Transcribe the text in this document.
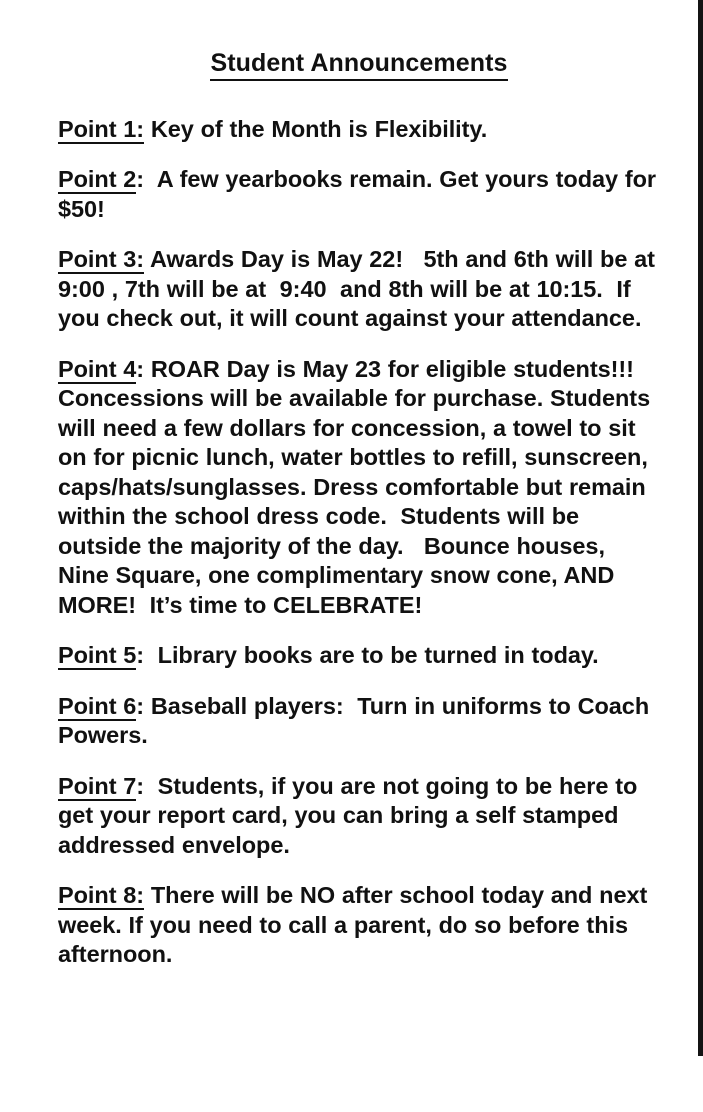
Student Announcements
Point 1: Key of the Month is Flexibility.
Point 2:  A few yearbooks remain. Get yours today for $50!
Point 3: Awards Day is May 22!   5th and 6th will be at 9:00 , 7th will be at  9:40  and 8th will be at 10:15.  If you check out, it will count against your attendance.
Point 4: ROAR Day is May 23 for eligible students!!!   Concessions will be available for purchase. Students will need a few dollars for concession, a towel to sit on for picnic lunch, water bottles to refill, sunscreen, caps/hats/sunglasses. Dress comfortable but remain within the school dress code.  Students will be outside the majority of the day.   Bounce houses, Nine Square, one complimentary snow cone, AND MORE!  It’s time to CELEBRATE!
Point 5:  Library books are to be turned in today.
Point 6: Baseball players:  Turn in uniforms to Coach Powers.
Point 7:  Students, if you are not going to be here to get your report card, you can bring a self stamped addressed envelope.
Point 8: There will be NO after school today and next week. If you need to call a parent, do so before this afternoon.
